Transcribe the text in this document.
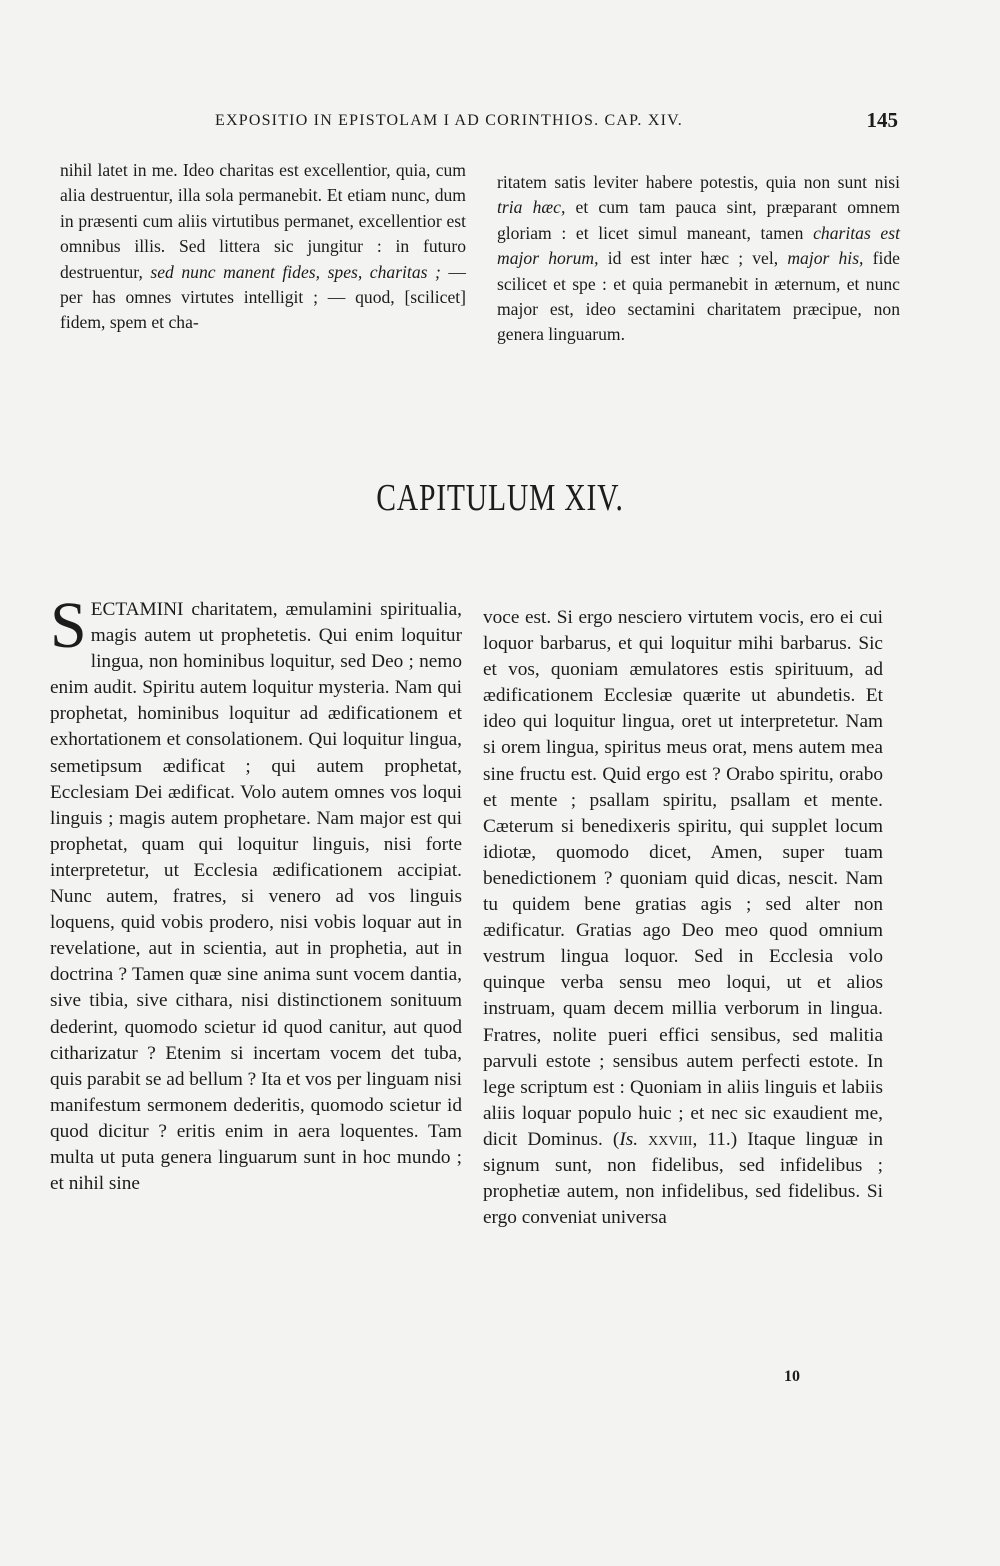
EXPOSITIO IN EPISTOLAM I AD CORINTHIOS. CAP. XIV.	145

nihil latet in me. Ideo charitas est excellentior, quia, cum alia destruentur, illa sola permanebit. Et etiam nunc, dum in præsenti cum aliis virtutibus permanet, excellentior est omnibus illis. Sed littera sic jungitur : in futuro destruentur, sed nunc manent fides, spes, charitas ; — per has omnes virtutes intelligit ; — quod, [scilicet] fidem, spem et cha-

ritatem satis leviter habere potestis, quia non sunt nisi tria hæc, et cum tam pauca sint, præparant omnem gloriam : et licet simul maneant, tamen charitas est major horum, id est inter hæc ; vel, major his, fide scilicet et spe : et quia permanebit in æternum, et nunc major est, ideo sectamini charitatem præcipue, non genera linguarum.

CAPITULUM XIV.

SECTAMINI charitatem, æmulamini spiritualia, magis autem ut prophetetis. Qui enim loquitur lingua, non hominibus loquitur, sed Deo ; nemo enim audit. Spiritu autem loquitur mysteria. Nam qui prophetat, hominibus loquitur ad ædificationem et exhortationem et consolationem. Qui loquitur lingua, semetipsum ædificat ; qui autem prophetat, Ecclesiam Dei ædificat. Volo autem omnes vos loqui linguis ; magis autem prophetare. Nam major est qui prophetat, quam qui loquitur linguis, nisi forte interpretetur, ut Ecclesia ædificationem accipiat. Nunc autem, fratres, si venero ad vos linguis loquens, quid vobis prodero, nisi vobis loquar aut in revelatione, aut in scientia, aut in prophetia, aut in doctrina ? Tamen quæ sine anima sunt vocem dantia, sive tibia, sive cithara, nisi distinctionem sonituum dederint, quomodo scietur id quod canitur, aut quod citharizatur ? Etenim si incertam vocem det tuba, quis parabit se ad bellum ? Ita et vos per linguam nisi manifestum sermonem dederitis, quomodo scietur id quod dicitur ? eritis enim in aera loquentes. Tam multa ut puta genera linguarum sunt in hoc mundo ; et nihil sine

voce est. Si ergo nesciero virtutem vocis, ero ei cui loquor barbarus, et qui loquitur mihi barbarus. Sic et vos, quoniam æmulatores estis spirituum, ad ædificationem Ecclesiæ quærite ut abundetis. Et ideo qui loquitur lingua, oret ut interpretetur. Nam si orem lingua, spiritus meus orat, mens autem mea sine fructu est. Quid ergo est ? Orabo spiritu, orabo et mente ; psallam spiritu, psallam et mente. Cæterum si benedixeris spiritu, qui supplet locum idiotæ, quomodo dicet, Amen, super tuam benedictionem ? quoniam quid dicas, nescit. Nam tu quidem bene gratias agis ; sed alter non ædificatur. Gratias ago Deo meo quod omnium vestrum lingua loquor. Sed in Ecclesia volo quinque verba sensu meo loqui, ut et alios instruam, quam decem millia verborum in lingua. Fratres, nolite pueri effici sensibus, sed malitia parvuli estote ; sensibus autem perfecti estote. In lege scriptum est : Quoniam in aliis linguis et labiis aliis loquar populo huic ; et nec sic exaudient me, dicit Dominus. (Is. xxviii, 11.) Itaque linguæ in signum sunt, non fidelibus, sed infidelibus ; prophetiæ autem, non infidelibus, sed fidelibus. Si ergo conveniat universa

10
